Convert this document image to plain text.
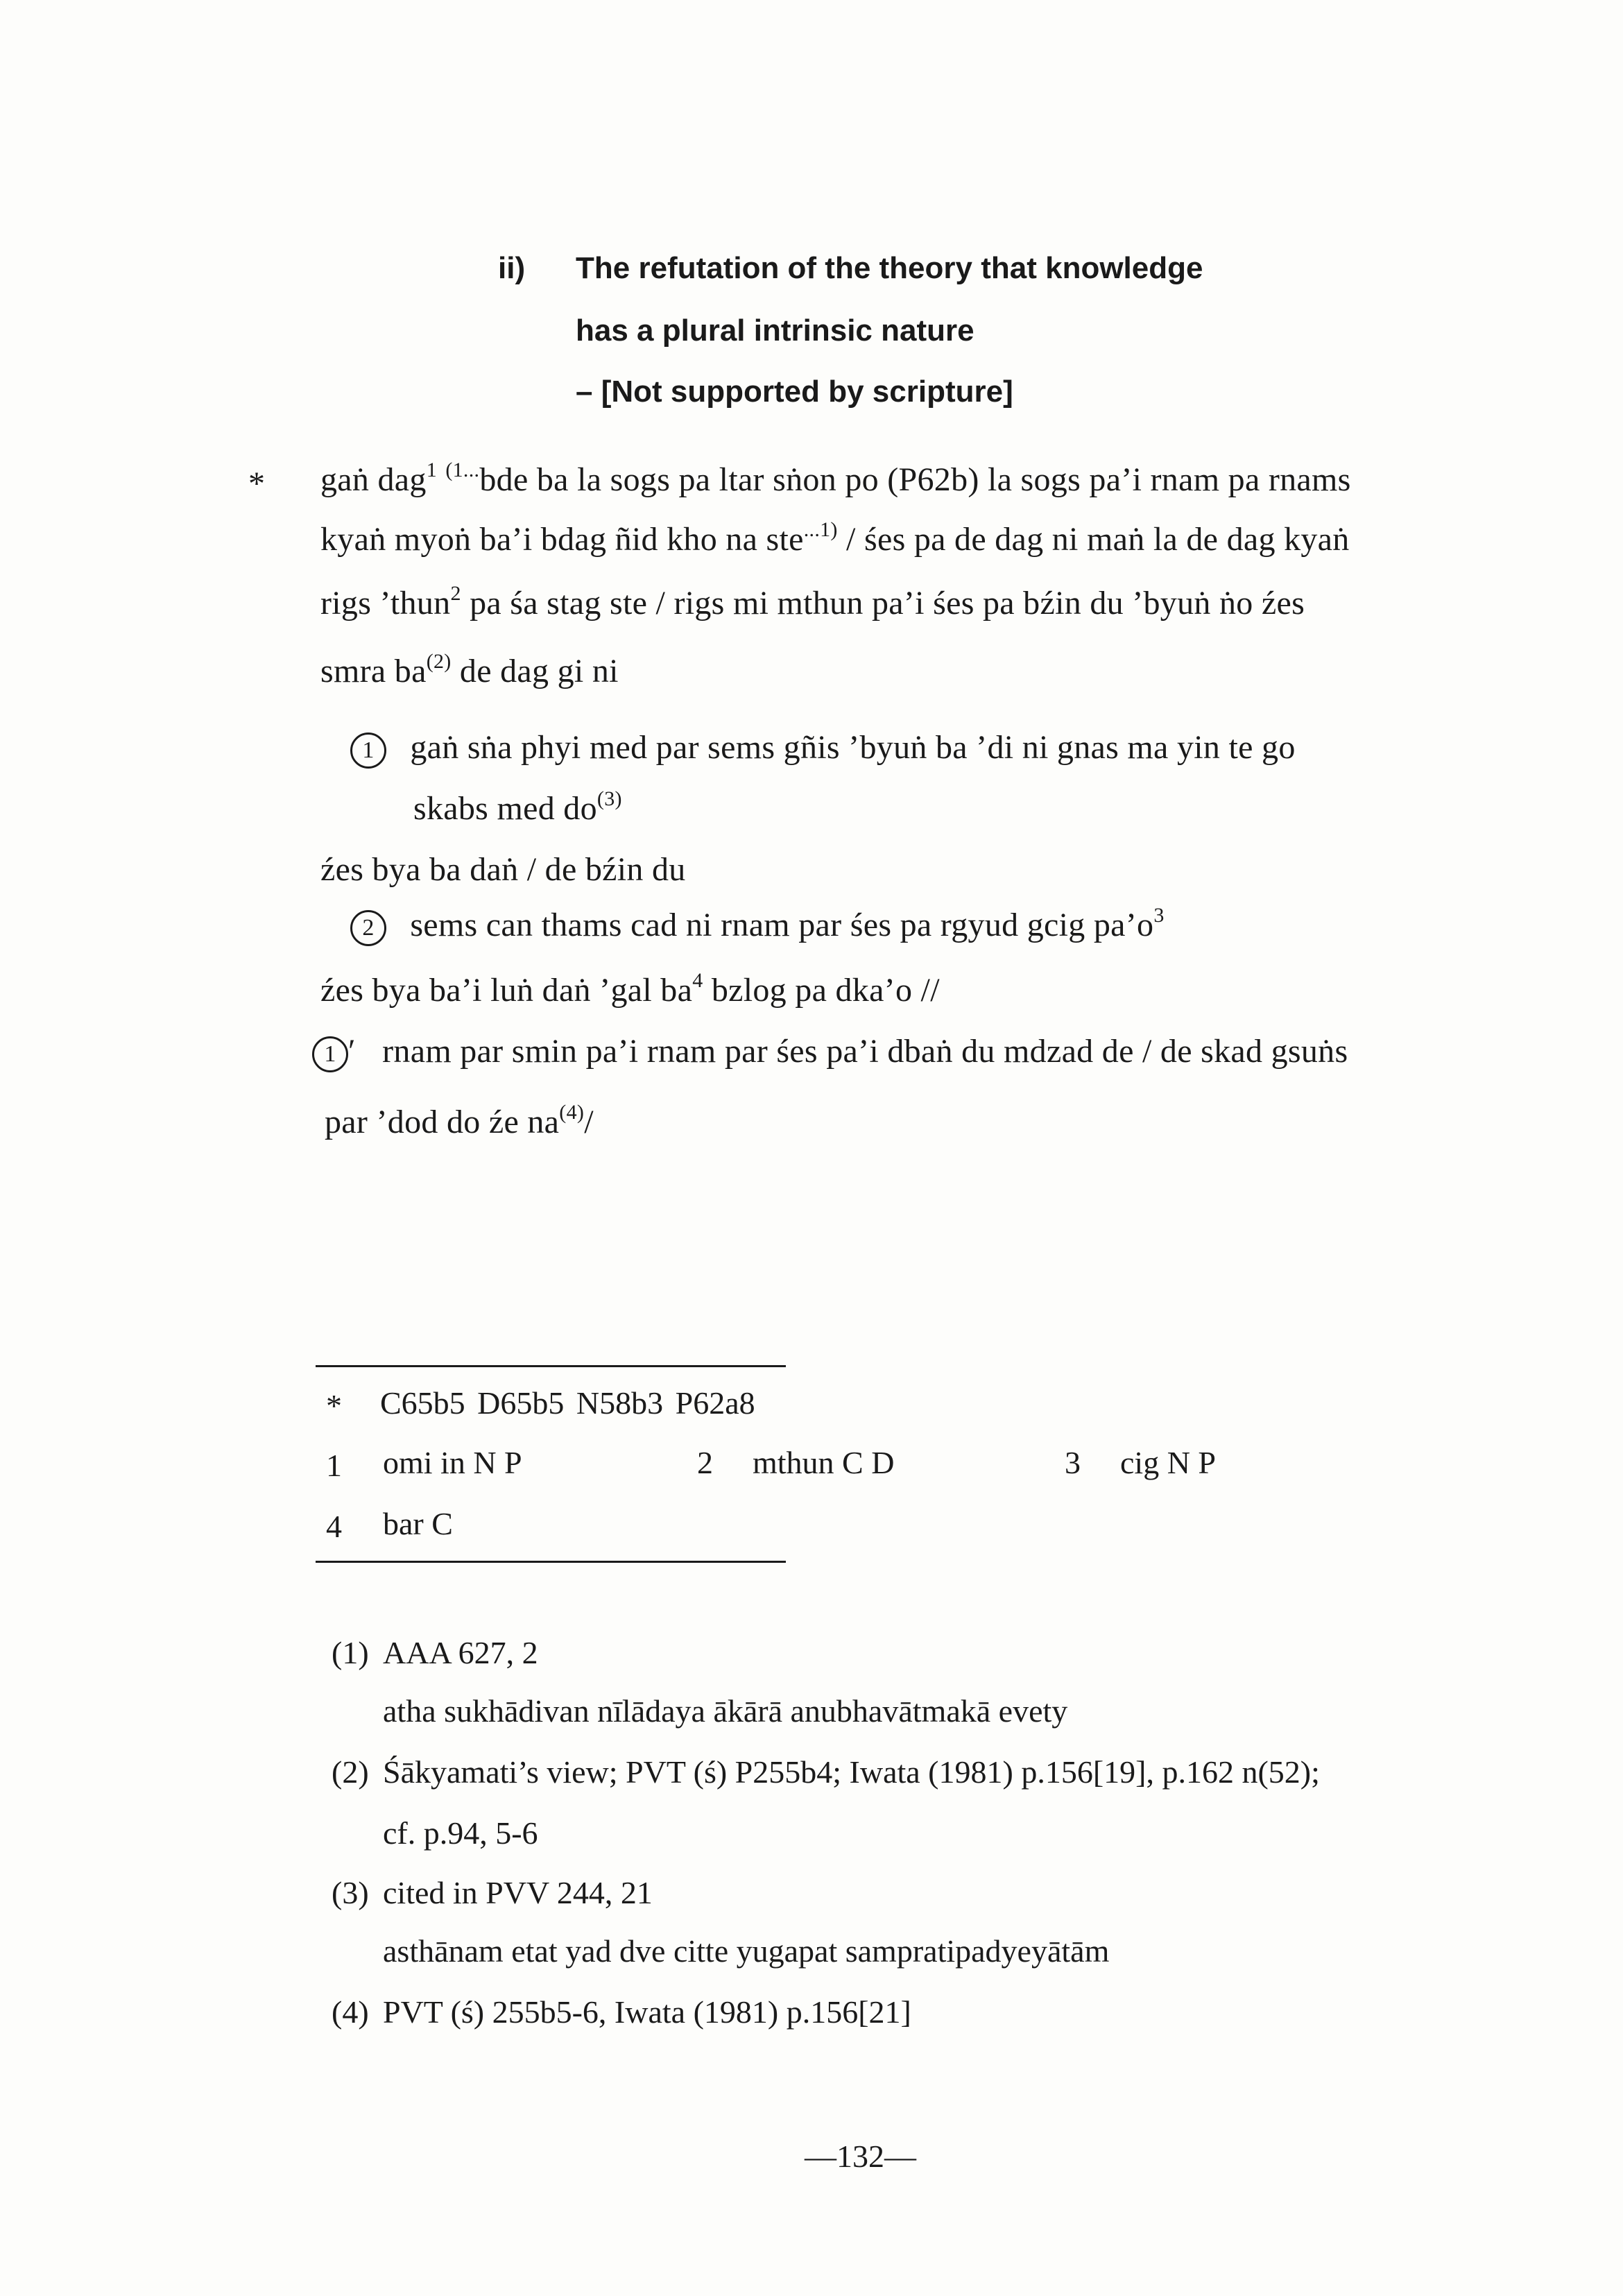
ii) The refutation of the theory that knowledge
has a plural intrinsic nature
– [Not supported by scripture]
* gaṅ dag$^1$ $^{(1...}$bde ba la sogs pa ltar sṅon po (P62b) la sogs pa’i rnam pa rnams
kyaṅ myoṅ ba’i bdag ñid kho na ste$^{...1)}$ / śes pa de dag ni maṅ la de dag kyaṅ
rigs ’thun$^2$ pa śa stag ste / rigs mi mthun pa’i śes pa bźin du ’byuṅ ṅo źes
smra $ba^{(2)}$ de dag gi ni
1 gaṅ sṅa phyi med par sems gñis ’byuṅ ba ’di ni gnas ma yin te go
skabs med $do^{(3)}$
źes bya ba daṅ / de bźin du
2 sems can thams cad ni rnam par śes pa rgyud gcig $pa’o^3$
źes bya ba’i luṅ daṅ ’gal $ba^4$ bzlog pa dka’o //
1 ′ rnam par smin pa’i rnam par śes pa’i dbaṅ du mdzad de / de skad gsuṅs
par ’dod do źe $na^{(4)}/$
* C65b5 D65b5 N58b3 P62a8
1 omi in N P	2 mthun C D	3 cig N P
4 bar C
(1) AAA 627, 2
atha sukhādivan nīlādaya ākārā anubhavātmakā evety
(2) Śākyamati’s view; PVT (ś) P255b4; Iwata (1981) p.156[19], p.162 n(52);
cf. p.94, 5-6
(3) cited in PVV 244, 21
asthānam etat yad dve citte yugapat sampratipadyeyātām
(4) PVT (ś) 255b5-6, Iwata (1981) p.156[21]
—132—
